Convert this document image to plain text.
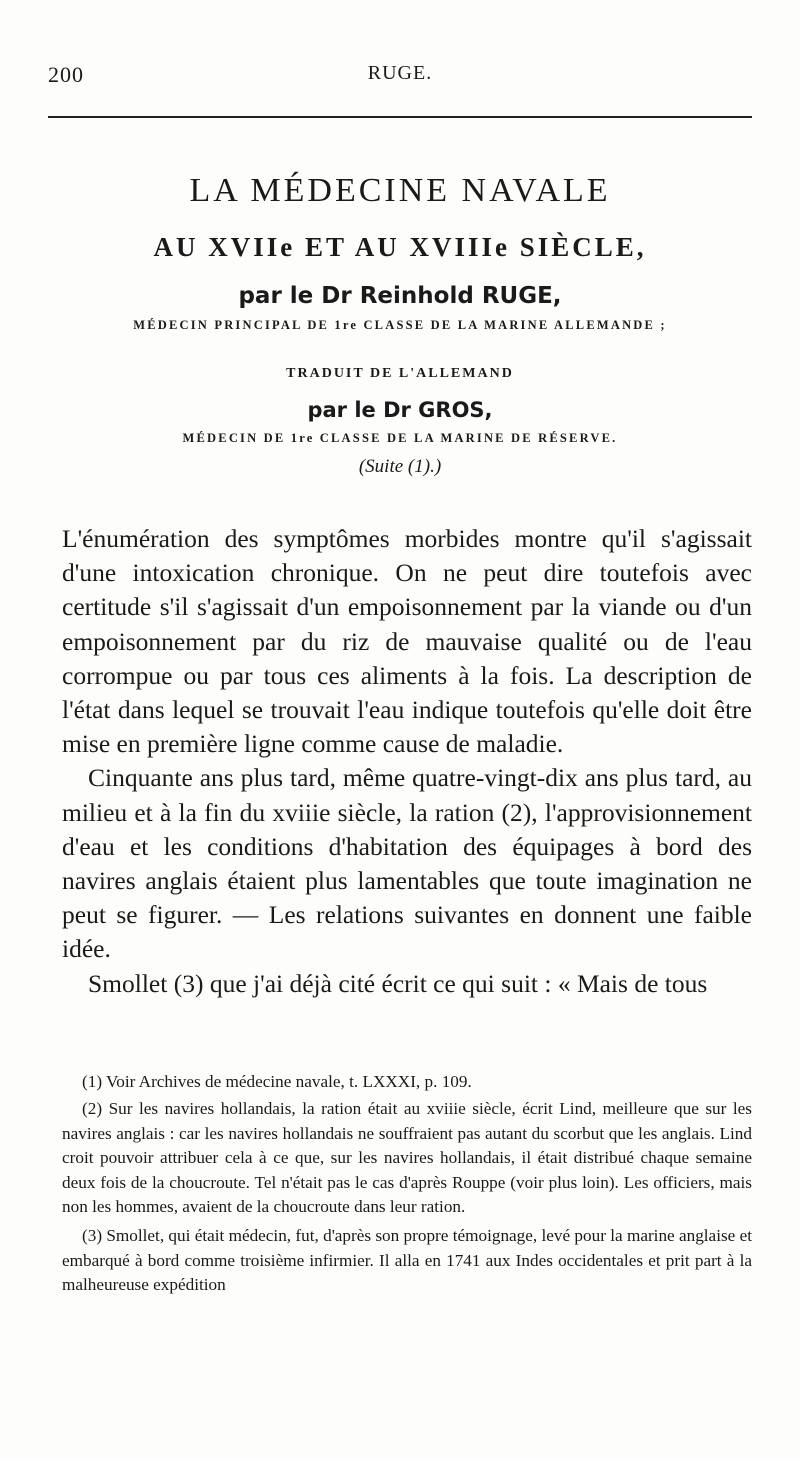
200	RUGE.
LA MÉDECINE NAVALE
AU XVIIe ET AU XVIIIe SIÈCLE,
par le Dr Reinhold RUGE,
MÉDECIN PRINCIPAL DE 1re CLASSE DE LA MARINE ALLEMANDE ;
TRADUIT DE L'ALLEMAND
par le Dr GROS,
MÉDECIN DE 1re CLASSE DE LA MARINE DE RÉSERVE.
(Suite (1).)

L'énumération des symptômes morbides montre qu'il s'agissait d'une intoxication chronique. On ne peut dire toutefois avec certitude s'il s'agissait d'un empoisonnement par la viande ou d'un empoisonnement par du riz de mauvaise qualité ou de l'eau corrompue ou par tous ces aliments à la fois. La description de l'état dans lequel se trouvait l'eau indique toutefois qu'elle doit être mise en première ligne comme cause de maladie.

Cinquante ans plus tard, même quatre-vingt-dix ans plus tard, au milieu et à la fin du xviiie siècle, la ration (2), l'approvisionnement d'eau et les conditions d'habitation des équipages à bord des navires anglais étaient plus lamentables que toute imagination ne peut se figurer. — Les relations suivantes en donnent une faible idée.

Smollet (3) que j'ai déjà cité écrit ce qui suit : « Mais de tous

(1) Voir Archives de médecine navale, t. LXXXI, p. 109.

(2) Sur les navires hollandais, la ration était au xviiie siècle, écrit Lind, meilleure que sur les navires anglais : car les navires hollandais ne souffraient pas autant du scorbut que les anglais. Lind croit pouvoir attribuer cela à ce que, sur les navires hollandais, il était distribué chaque semaine deux fois de la choucroute. Tel n'était pas le cas d'après Rouppe (voir plus loin). Les officiers, mais non les hommes, avaient de la choucroute dans leur ration.

(3) Smollet, qui était médecin, fut, d'après son propre témoignage, levé pour la marine anglaise et embarqué à bord comme troisième infirmier. Il alla en 1741 aux Indes occidentales et prit part à la malheureuse expédition
